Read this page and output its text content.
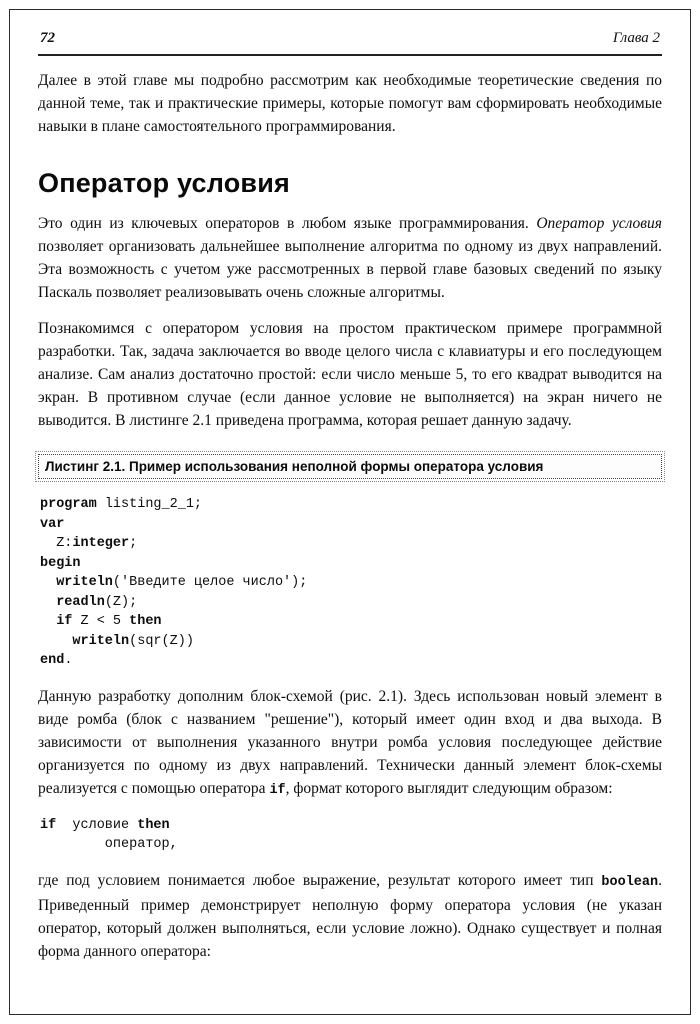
72	Глава 2

Далее в этой главе мы подробно рассмотрим как необходимые теоретические сведения по данной теме, так и практические примеры, которые помогут вам сформировать необходимые навыки в плане самостоятельного программирования.

Оператор условия

Это один из ключевых операторов в любом языке программирования. Оператор условия позволяет организовать дальнейшее выполнение алгоритма по одному из двух направлений. Эта возможность с учетом уже рассмотренных в первой главе базовых сведений по языку Паскаль позволяет реализовывать очень сложные алгоритмы.

Познакомимся с оператором условия на простом практическом примере программной разработки. Так, задача заключается во вводе целого числа с клавиатуры и его последующем анализе. Сам анализ достаточно простой: если число меньше 5, то его квадрат выводится на экран. В противном случае (если данное условие не выполняется) на экран ничего не выводится. В листинге 2.1 приведена программа, которая решает данную задачу.

Листинг 2.1. Пример использования неполной формы оператора условия
program listing_2_1;
var
Z:integer;
begin
writeln('Введите целое число');
readln(Z);
if Z < 5 then
writeln(sqr(Z))
end.

Данную разработку дополним блок-схемой (рис. 2.1). Здесь использован новый элемент в виде ромба (блок с названием "решение"), который имеет один вход и два выхода. В зависимости от выполнения указанного внутри ромба условия последующее действие организуется по одному из двух направлений. Технически данный элемент блок-схемы реализуется с помощью оператора if, формат которого выглядит следующим образом:

if  условие then
оператор,

где под условием понимается любое выражение, результат которого имеет тип boolean. Приведенный пример демонстрирует неполную форму оператора условия (не указан оператор, который должен выполняться, если условие ложно). Однако существует и полная форма данного оператора:
